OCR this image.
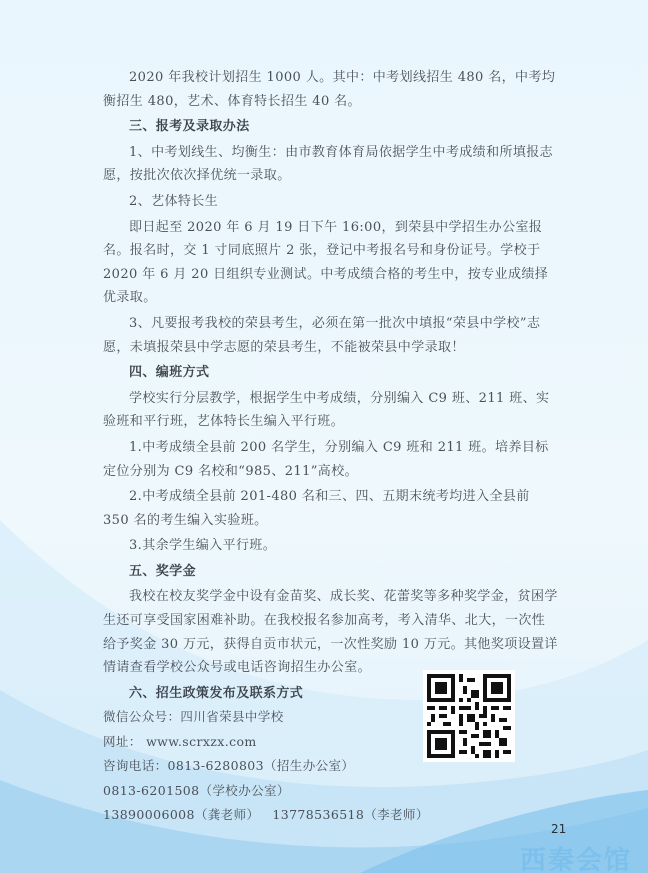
2020 年我校计划招生 1000 人。其中：中考划线招生 480 名，中考均衡招生 480，艺术、体育特长招生 40 名。

三、报考及录取办法

1、中考划线生、均衡生：由市教育体育局依据学生中考成绩和所填报志愿，按批次依次择优统一录取。

2、艺体特长生

即日起至 2020 年 6 月 19 日下午 16:00，到荣县中学招生办公室报名。报名时，交 1 寸同底照片 2 张，登记中考报名号和身份证号。学校于 2020 年 6 月 20 日组织专业测试。中考成绩合格的考生中，按专业成绩择优录取。

3、凡要报考我校的荣县考生，必须在第一批次中填报“荣县中学校”志愿，未填报荣县中学志愿的荣县考生，不能被荣县中学录取！

四、编班方式

学校实行分层教学，根据学生中考成绩，分别编入 C9 班、211 班、实验班和平行班，艺体特长生编入平行班。

1.中考成绩全县前 200 名学生，分别编入 C9 班和 211 班。培养目标定位分别为 C9 名校和“985、211”高校。

2.中考成绩全县前 201-480 名和三、四、五期末统考均进入全县前 350 名的考生编入实验班。

3.其余学生编入平行班。

五、奖学金

我校在校友奖学金中设有金苗奖、成长奖、花蕾奖等多种奖学金，贫困学生还可享受国家困难补助。在我校报名参加高考，考入清华、北大，一次性给予奖金 30 万元，获得自贡市状元，一次性奖励 10 万元。其他奖项设置详情请查看学校公众号或电话咨询招生办公室。

六、招生政策发布及联系方式

微信公众号：四川省荣县中学校
网址： www.scrxzx.com
咨询电话：0813-6280803（招生办公室）
0813-6201508（学校办公室）
13890006008（龚老师） 13778536518（李老师）
21
西秦会馆
